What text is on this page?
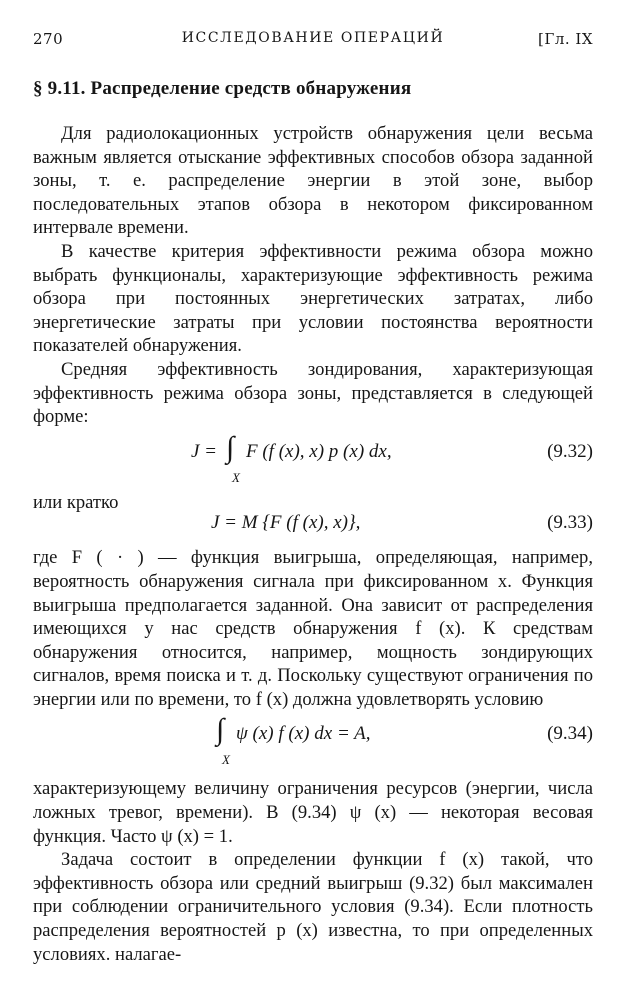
270	ИССЛЕДОВАНИЕ ОПЕРАЦИЙ	[Гл. IX
§ 9.11. Распределение средств обнаружения

Для радиолокационных устройств обнаружения цели весьма важным является отыскание эффективных способов обзора заданной зоны, т. е. распределение энергии в этой зоне, выбор последовательных этапов обзора в некотором фиксированном интервале времени.

В качестве критерия эффективности режима обзора можно выбрать функционалы, характеризующие эффективность режима обзора при постоянных энергетических затратах, либо энергетические затраты при условии постоянства вероятности показателей обнаружения.

Средняя эффективность зондирования, характеризующая эффективность режима обзора зоны, представляется в следующей форме:

J = ∫
X
F (f (x), x) p (x) dx,	(9.32)

или кратко

J = M {F (f (x), x)},	(9.33)

где F ( · ) — функция выигрыша, определяющая, например, вероятность обнаружения сигнала при фиксированном x. Функция выигрыша предполагается заданной. Она зависит от распределения имеющихся у нас средств обнаружения f (x). К средствам обнаружения относится, например, мощность зондирующих сигналов, время поиска и т. д. Поскольку существуют ограничения по энергии или по времени, то f (x) должна удовлетворять условию

∫
X
ψ (x) f (x) dx = A,	(9.34)

характеризующему величину ограничения ресурсов (энергии, числа ложных тревог, времени). В (9.34) ψ (x) — некоторая весовая функция. Часто ψ (x) = 1.

Задача состоит в определении функции f (x) такой, что эффективность обзора или средний выигрыш (9.32) был максимален при соблюдении ограничительного условия (9.34). Если плотность распределения вероятностей p (x) известна, то при определенных условиях. налагае-
